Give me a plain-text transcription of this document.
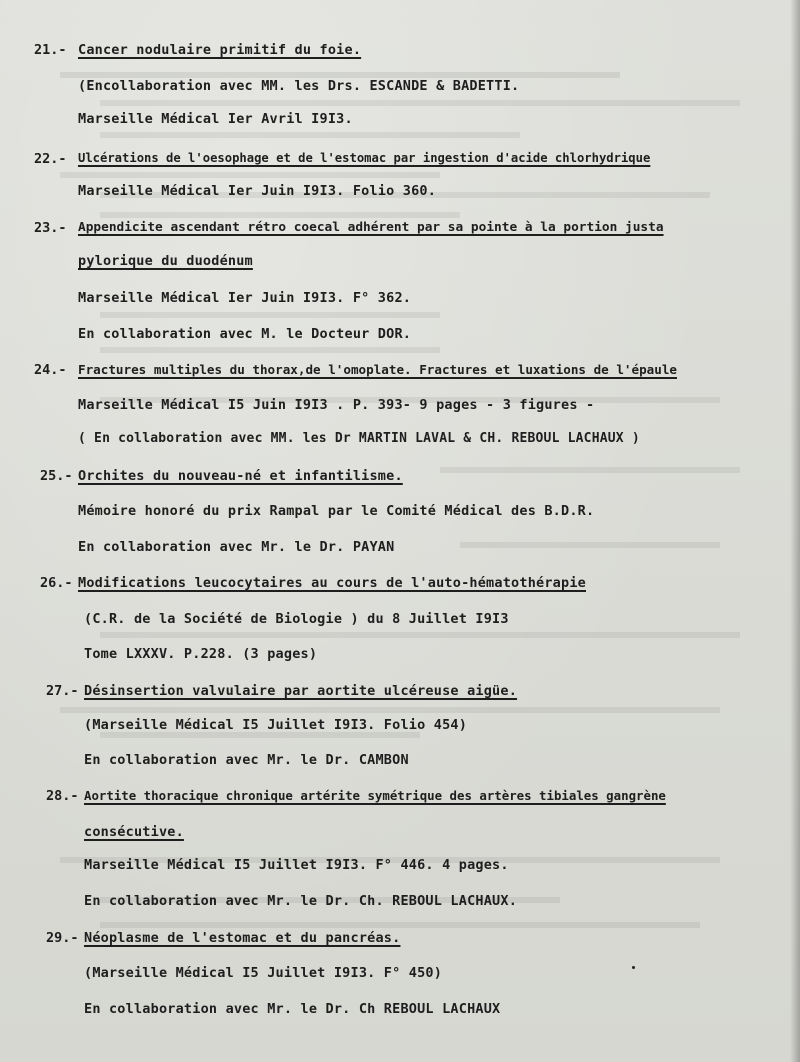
21.- Cancer nodulaire primitif du foie.
(Encollaboration avec MM. les Drs. ESCANDE & BADETTI.
Marseille Médical Ier Avril I9I3.
22.- Ulcérations de l'oesophage et de l'estomac par ingestion d'acide chlorhydrique
Marseille Médical Ier Juin I9I3. Folio 360.
23.- Appendicite ascendant rétro coecal adhérent par sa pointe à la portion justa
pylorique du duodénum
Marseille Médical Ier Juin I9I3. F° 362.
En collaboration avec M. le Docteur DOR.
24.- Fractures multiples du thorax,de l'omoplate. Fractures et luxations de l'épaule
Marseille Médical I5 Juin I9I3 . P. 393- 9 pages - 3 figures -
( En collaboration avec MM. les Dr MARTIN LAVAL & CH. REBOUL LACHAUX )
25.- Orchites du nouveau-né et infantilisme.
Mémoire honoré du prix Rampal par le Comité Médical des B.D.R.
En collaboration avec Mr. le Dr. PAYAN
26.- Modifications leucocytaires au cours de l'auto-hématothérapie
(C.R. de la Société de Biologie ) du 8 Juillet I9I3
Tome LXXXV. P.228. (3 pages)
27.- Désinsertion valvulaire par aortite ulcéreuse aigüe.
(Marseille Médical I5 Juillet I9I3. Folio 454)
En collaboration avec Mr. le Dr. CAMBON
28.- Aortite thoracique chronique artérite symétrique des artères tibiales gangrène
consécutive.
Marseille Médical I5 Juillet I9I3. F° 446. 4 pages.
En collaboration avec Mr. le Dr. Ch. REBOUL LACHAUX.
29.- Néoplasme de l'estomac et du pancréas.
(Marseille Médical I5 Juillet I9I3. F° 450)
En collaboration avec Mr. le Dr. Ch REBOUL LACHAUX
